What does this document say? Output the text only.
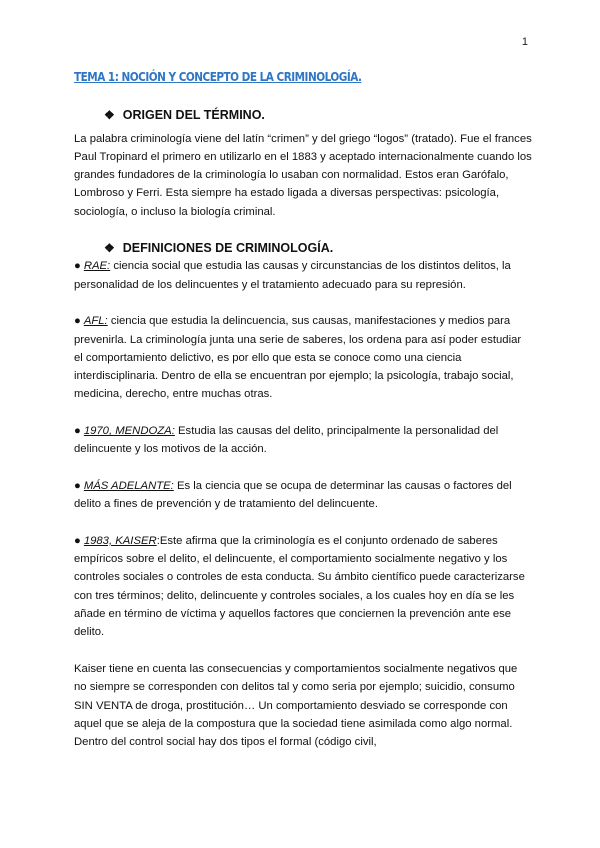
1
TEMA 1: NOCIÓN Y CONCEPTO DE LA CRIMINOLOGÍA.
❖ ORIGEN DEL TÉRMINO.

La palabra criminología viene del latín “crimen” y del griego “logos” (tratado). Fue el frances Paul Tropinard el primero en utilizarlo en el 1883 y aceptado internacionalmente cuando los grandes fundadores de la criminología lo usaban con normalidad. Estos eran Garófalo, Lombroso y Ferri. Esta siempre ha estado ligada a diversas perspectivas: psicología, sociología, o incluso la biología criminal.

❖ DEFINICIONES DE CRIMINOLOGÍA.

● RAE: ciencia social que estudia las causas y circunstancias de los distintos delitos, la personalidad de los delincuentes y el tratamiento adecuado para su represión.

● AFL: ciencia que estudia la delincuencia, sus causas, manifestaciones y medios para prevenirla. La criminología junta una serie de saberes, los ordena para así poder estudiar el comportamiento delictivo, es por ello que esta se conoce como una ciencia interdisciplinaria. Dentro de ella se encuentran por ejemplo; la psicología, trabajo social, medicina, derecho, entre muchas otras.

● 1970, MENDOZA: Estudia las causas del delito, principalmente la personalidad del delincuente y los motivos de la acción.

● MÁS ADELANTE: Es la ciencia que se ocupa de determinar las causas o factores del delito a fines de prevención y de tratamiento del delincuente.

● 1983, KAISER:Este afirma que la criminología es el conjunto ordenado de saberes empíricos sobre el delito, el delincuente, el comportamiento socialmente negativo y los controles sociales o controles de esta conducta. Su ámbito científico puede caracterizarse con tres términos; delito, delincuente y controles sociales, a los cuales hoy en día se les añade en término de víctima y aquellos factores que conciernen la prevención ante ese delito.

Kaiser tiene en cuenta las consecuencias y comportamientos socialmente negativos que no siempre se corresponden con delitos tal y como seria por ejemplo; suicidio, consumo SIN VENTA de droga, prostitución… Un comportamiento desviado se corresponde con aquel que se aleja de la compostura que la sociedad tiene asimilada como algo normal. Dentro del control social hay dos tipos el formal (código civil,
